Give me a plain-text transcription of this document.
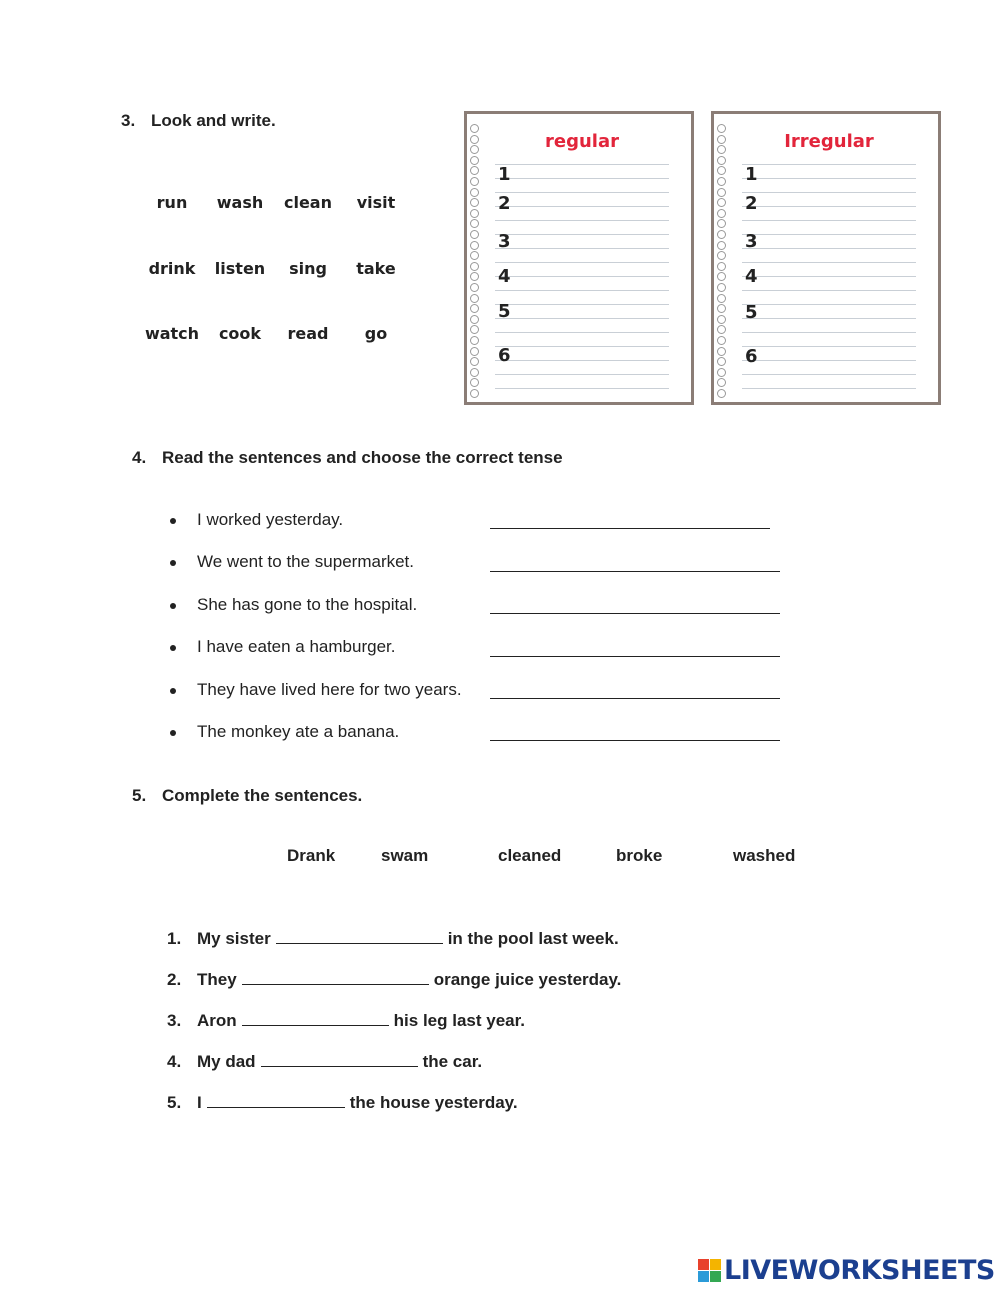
3. Look and write.
run	wash	clean	visit
drink	listen	sing	take
watch	cook	read	go
regular
1
2
3
4
5
6
Irregular
1
2
3
4
5
6
4. Read the sentences and choose the correct tense
I worked yesterday.
We went to the supermarket.
She has gone to the hospital.
I have eaten a hamburger.
They have lived here for two years.
The monkey ate a banana.
5. Complete the sentences.
Drank	swam	cleaned	broke	washed
1. My sister	in the pool last week.
2. They	orange juice yesterday.
3. Aron	his leg last year.
4. My dad	the car.
5. I	the house yesterday.
LIVEWORKSHEETS
